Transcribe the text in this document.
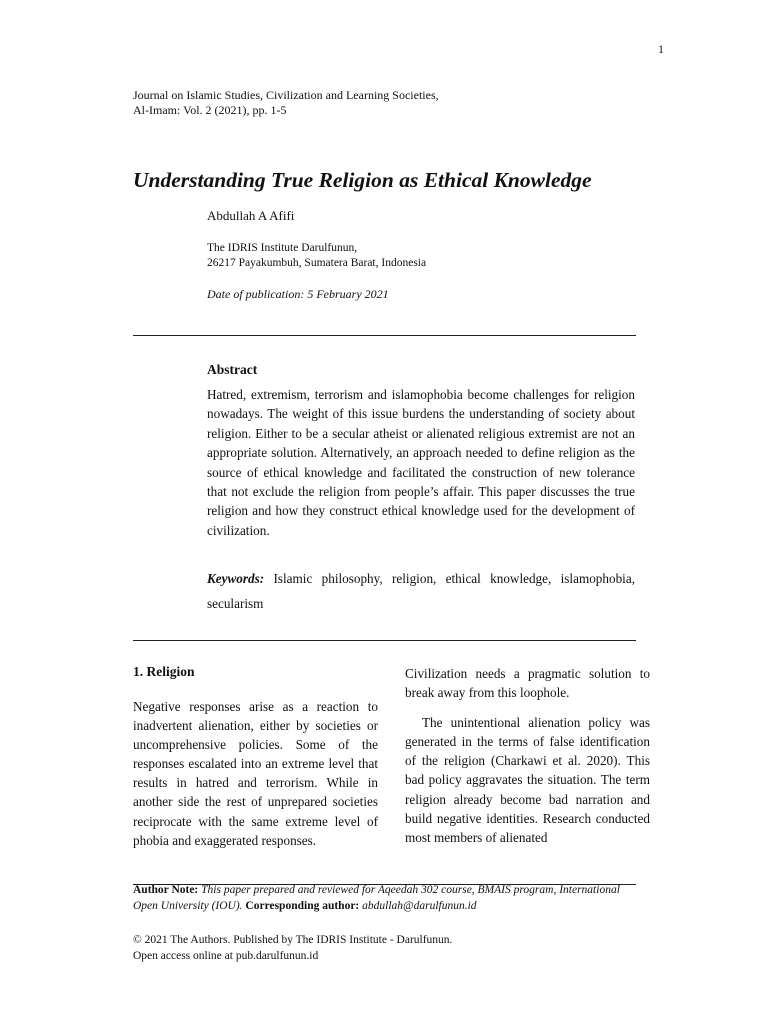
1
Journal on Islamic Studies, Civilization and Learning Societies,
Al-Imam: Vol. 2 (2021), pp. 1-5
Understanding True Religion as Ethical Knowledge
Abdullah A Afifi
The IDRIS Institute Darulfunun,
26217 Payakumbuh, Sumatera Barat, Indonesia
Date of publication: 5 February 2021
Abstract

Hatred, extremism, terrorism and islamophobia become challenges for religion nowadays. The weight of this issue burdens the understanding of society about religion. Either to be a secular atheist or alienated religious extremist are not an appropriate solution. Alternatively, an approach needed to define religion as the source of ethical knowledge and facilitated the construction of new tolerance that not exclude the religion from people’s affair. This paper discusses the true religion and how they construct ethical knowledge used for the development of civilization.

Keywords: Islamic philosophy, religion, ethical knowledge, islamophobia, secularism

1. Religion

Negative responses arise as a reaction to inadvertent alienation, either by societies or uncomprehensive policies. Some of the responses escalated into an extreme level that results in hatred and terrorism. While in another side the rest of unprepared societies reciprocate with the same extreme level of phobia and exaggerated responses.

Civilization needs a pragmatic solution to break away from this loophole.

The unintentional alienation policy was generated in the terms of false identification of the religion (Charkawi et al. 2020). This bad policy aggravates the situation. The term religion already become bad narration and build negative identities. Research conducted most members of alienated

Author Note: This paper prepared and reviewed for Aqeedah 302 course, BMAIS program, International Open University (IOU). Corresponding author: abdullah@darulfunun.id

© 2021 The Authors. Published by The IDRIS Institute - Darulfunun.
Open access online at pub.darulfunun.id
